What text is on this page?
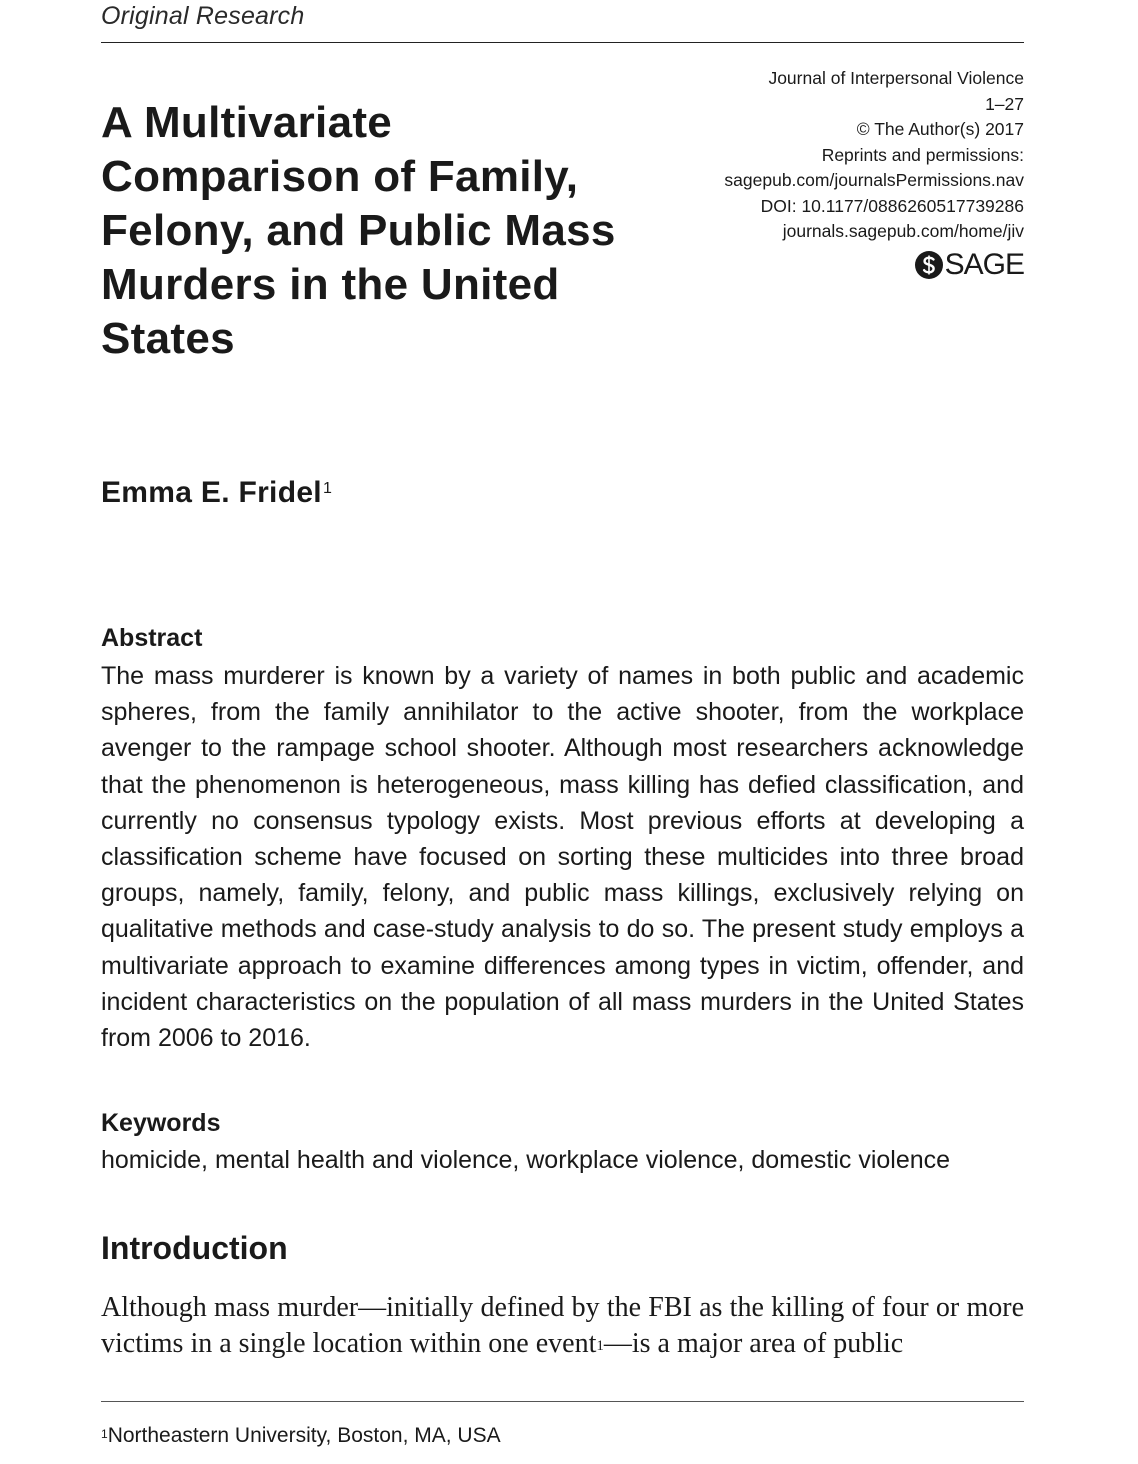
Original Research
A Multivariate Comparison of Family, Felony, and Public Mass Murders in the United States
Journal of Interpersonal Violence
1–27
© The Author(s) 2017
Reprints and permissions:
sagepub.com/journalsPermissions.nav
DOI: 10.1177/0886260517739286
journals.sagepub.com/home/jiv
SAGE
Emma E. Fridel$^1$
Abstract
The mass murderer is known by a variety of names in both public and academic spheres, from the family annihilator to the active shooter, from the workplace avenger to the rampage school shooter. Although most researchers acknowledge that the phenomenon is heterogeneous, mass killing has defied classification, and currently no consensus typology exists. Most previous efforts at developing a classification scheme have focused on sorting these multicides into three broad groups, namely, family, felony, and public mass killings, exclusively relying on qualitative methods and case-study analysis to do so. The present study employs a multivariate approach to examine differences among types in victim, offender, and incident characteristics on the population of all mass murders in the United States from 2006 to 2016.
Keywords
homicide, mental health and violence, workplace violence, domestic violence
Introduction
Although mass murder—initially defined by the FBI as the killing of four or more victims in a single location within one event$^1$—is a major area of public
$^1$Northeastern University, Boston, MA, USA
